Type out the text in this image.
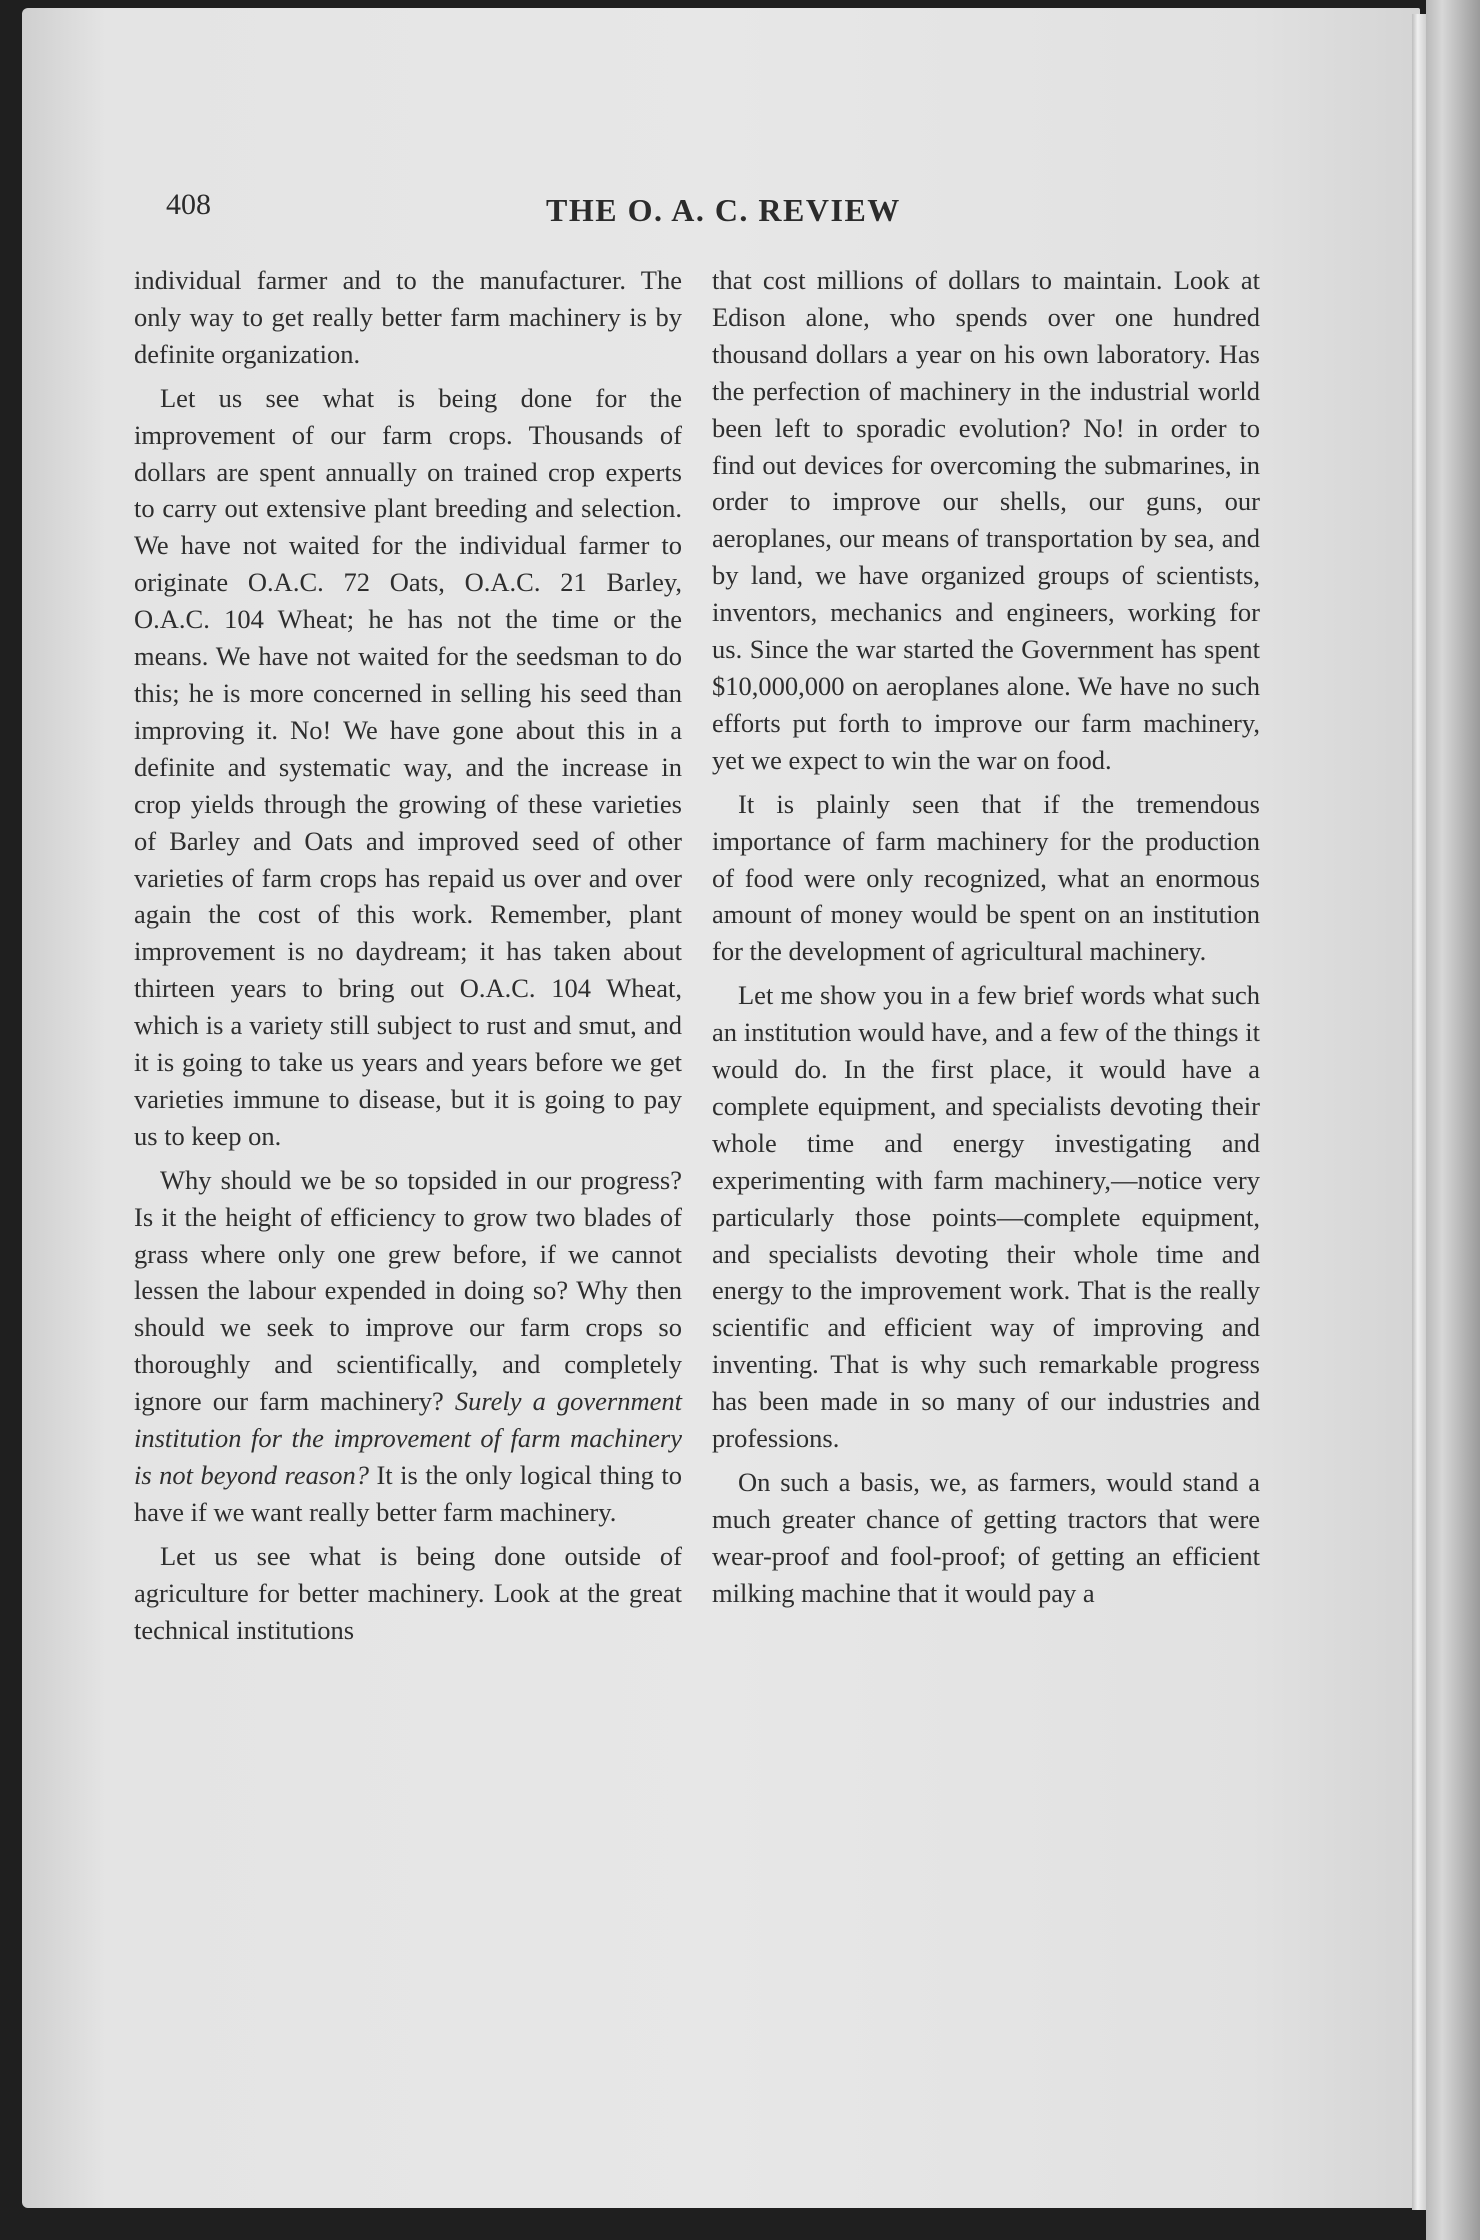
408	THE O. A. C. REVIEW

individual farmer and to the manufacturer. The only way to get really better farm machinery is by definite organization.

Let us see what is being done for the improvement of our farm crops. Thousands of dollars are spent annually on trained crop experts to carry out extensive plant breeding and selection. We have not waited for the individual farmer to originate O.A.C. 72 Oats, O.A.C. 21 Barley, O.A.C. 104 Wheat; he has not the time or the means. We have not waited for the seedsman to do this; he is more concerned in selling his seed than improving it. No! We have gone about this in a definite and systematic way, and the increase in crop yields through the growing of these varieties of Barley and Oats and improved seed of other varieties of farm crops has repaid us over and over again the cost of this work. Remember, plant improvement is no daydream; it has taken about thirteen years to bring out O.A.C. 104 Wheat, which is a variety still subject to rust and smut, and it is going to take us years and years before we get varieties immune to disease, but it is going to pay us to keep on.

Why should we be so topsided in our progress? Is it the height of efficiency to grow two blades of grass where only one grew before, if we cannot lessen the labour expended in doing so? Why then should we seek to improve our farm crops so thoroughly and scientifically, and completely ignore our farm machinery? Surely a government institution for the improvement of farm machinery is not beyond reason? It is the only logical thing to have if we want really better farm machinery.

Let us see what is being done outside of agriculture for better machinery. Look at the great technical institutions

that cost millions of dollars to maintain. Look at Edison alone, who spends over one hundred thousand dollars a year on his own laboratory. Has the perfection of machinery in the industrial world been left to sporadic evolution? No! in order to find out devices for overcoming the submarines, in order to improve our shells, our guns, our aeroplanes, our means of transportation by sea, and by land, we have organized groups of scientists, inventors, mechanics and engineers, working for us. Since the war started the Government has spent $10,000,000 on aeroplanes alone. We have no such efforts put forth to improve our farm machinery, yet we expect to win the war on food.

It is plainly seen that if the tremendous importance of farm machinery for the production of food were only recognized, what an enormous amount of money would be spent on an institution for the development of agricultural machinery.

Let me show you in a few brief words what such an institution would have, and a few of the things it would do. In the first place, it would have a complete equipment, and specialists devoting their whole time and energy investigating and experimenting with farm machinery,—notice very particularly those points—complete equipment, and specialists devoting their whole time and energy to the improvement work. That is the really scientific and efficient way of improving and inventing. That is why such remarkable progress has been made in so many of our industries and professions.

On such a basis, we, as farmers, would stand a much greater chance of getting tractors that were wear-proof and fool-proof; of getting an efficient milking machine that it would pay a
